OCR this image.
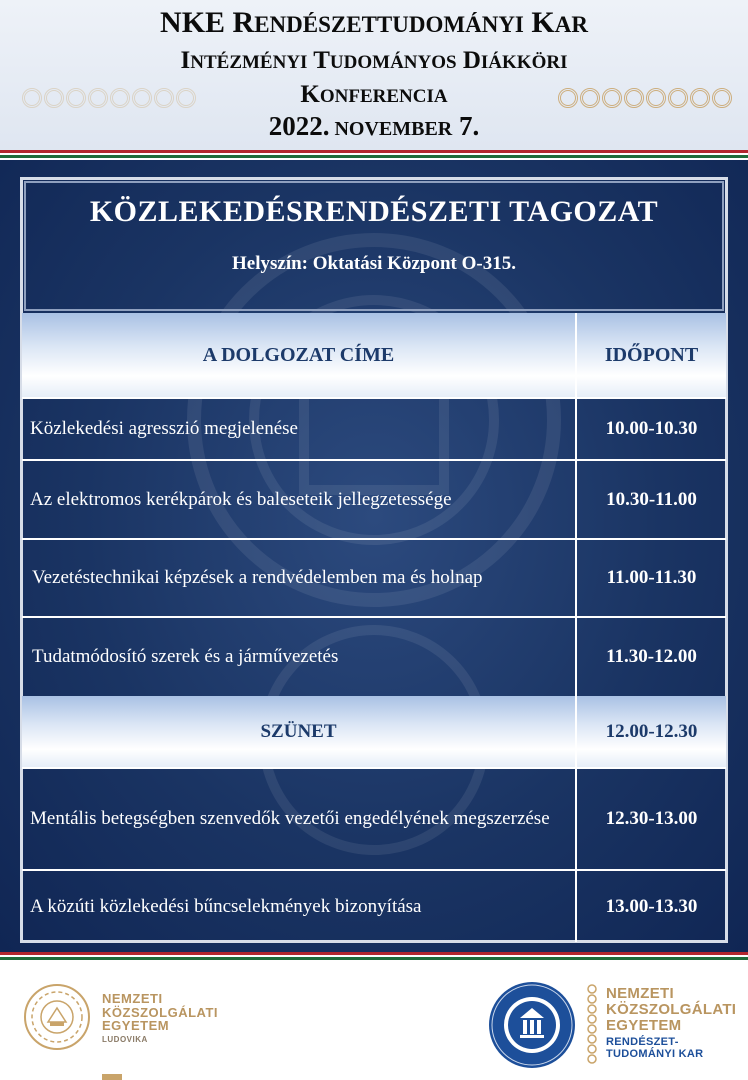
NKE RENDÉSZETTUDOMÁNYI KAR
INTÉZMÉNYI TUDOMÁNYOS DIÁKKÖRI
KONFERENCIA
2022. NOVEMBER 7.
KÖZLEKEDÉSRENDÉSZETI TAGOZAT
Helyszín: Oktatási Központ O-315.
A DOLGOZAT CÍME	IDŐPONT
Közlekedési agresszió megjelenése	10.00-10.30
Az elektromos kerékpárok és baleseteik jellegzetessége	10.30-11.00
Vezetéstechnikai képzések a rendvédelemben ma és holnap	11.00-11.30
Tudatmódosító szerek és a járművezetés	11.30-12.00
SZÜNET	12.00-12.30
Mentális betegségben szenvedők vezetői engedélyének megszerzése	12.30-13.00
A közúti közlekedési bűncselekmények bizonyítása	13.00-13.30
NEMZETI
KÖZSZOLGÁLATI
EGYETEM
LUDOVIKA
NEMZETI
KÖZSZOLGÁLATI
EGYETEM
RENDÉSZET-
TUDOMÁNYI KAR
